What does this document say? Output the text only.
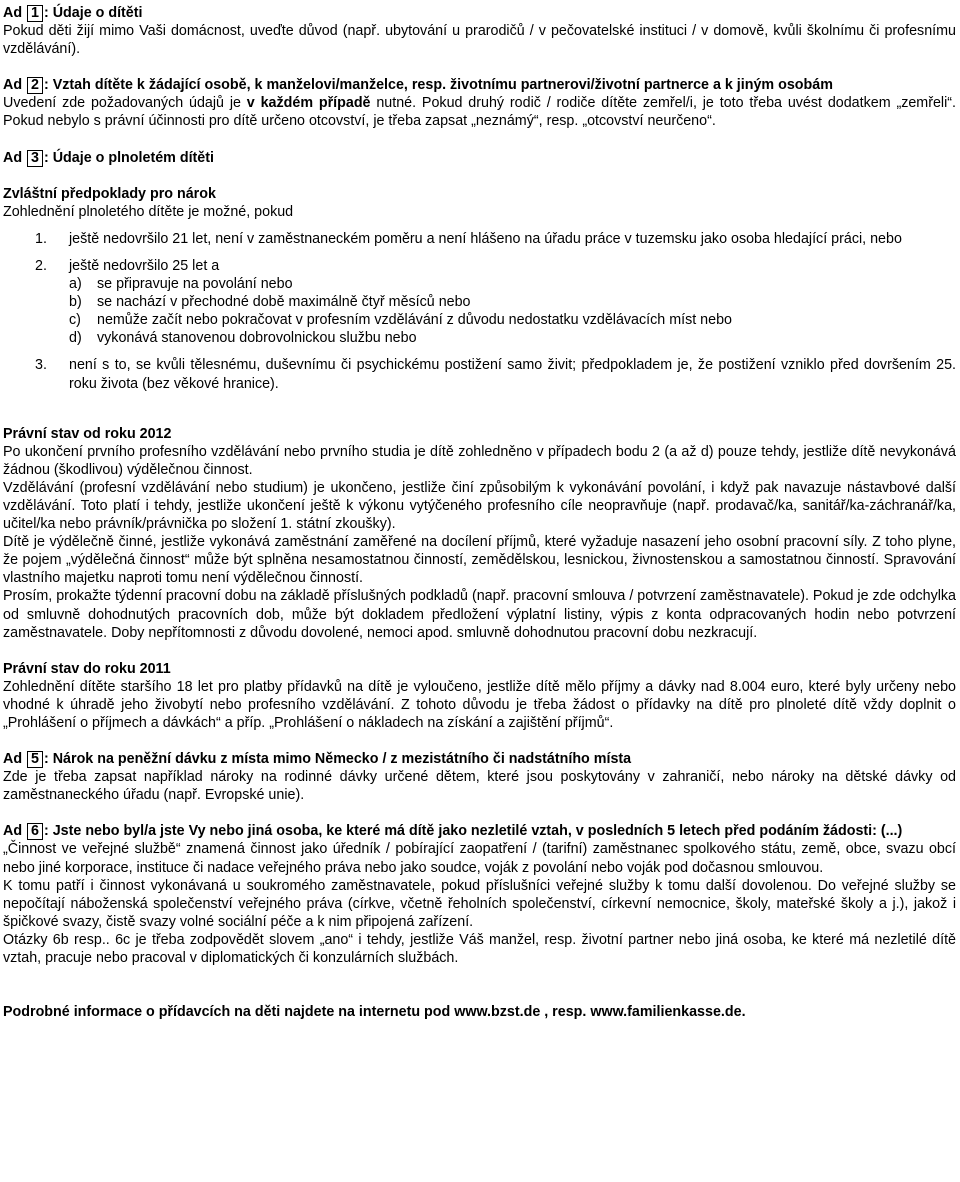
Ad 1 : Údaje o dítěti
Pokud děti žijí mimo Vaši domácnost, uveďte důvod (např. ubytování u prarodičů / v pečovatelské instituci / v domově, kvůli školnímu či profesnímu vzdělávání).
Ad 2 : Vztah dítěte k žádající osobě, k manželovi/manželce, resp. životnímu partnerovi/životní partnerce a k jiným osobám
Uvedení zde požadovaných údajů je v každém případě nutné. Pokud druhý rodič / rodiče dítěte zemřel/i, je toto třeba uvést dodatkem „zemřeli“. Pokud nebylo s právní účinnosti pro dítě určeno otcovství, je třeba zapsat „neznámý“, resp. „otcovství neurčeno“.
Ad 3 : Údaje o plnoletém dítěti
Zvláštní předpoklady pro nárok
Zohlednění plnoletého dítěte je možné, pokud
1.	ještě nedovršilo 21 let, není v zaměstnaneckém poměru a není hlášeno na úřadu práce v tuzemsku jako osoba hledající práci, nebo
2.	ještě nedovršilo 25 let a
a)	se připravuje na povolání nebo
b)	se nachází v přechodné době maximálně čtyř měsíců nebo
c)	nemůže začít nebo pokračovat v profesním vzdělávání z důvodu nedostatku vzdělávacích míst nebo
d)	vykonává stanovenou dobrovolnickou službu nebo
3.	není s to, se kvůli tělesnému, duševnímu či psychickému postižení samo živit; předpokladem je, že postižení vzniklo před dovršením 25. roku života (bez věkové hranice).
Právní stav od roku 2012
Po ukončení prvního profesního vzdělávání nebo prvního studia je dítě zohledněno v případech bodu 2 (a až d) pouze tehdy, jestliže dítě nevykonává žádnou (škodlivou) výdělečnou činnost.
Vzdělávání (profesní vzdělávání nebo studium) je ukončeno, jestliže činí způsobilým k vykonávání povolání, i když pak navazuje nástavbové další vzdělávání. Toto platí i tehdy, jestliže ukončení ještě k výkonu vytýčeného profesního cíle neopravňuje (např. prodavač/ka, sanitář/ka-záchranář/ka, učitel/ka nebo právník/právnička po složení 1. státní zkoušky).
Dítě je výdělečně činné, jestliže vykonává zaměstnání zaměřené na docílení příjmů, které vyžaduje nasazení jeho osobní pracovní síly. Z toho plyne, že pojem „výdělečná činnost“ může být splněna nesamostatnou činností, zemědělskou, lesnickou, živnostenskou a samostatnou činností. Spravování vlastního majetku naproti tomu není výdělečnou činností.
Prosím, prokažte týdenní pracovní dobu na základě příslušných podkladů (např. pracovní smlouva / potvrzení zaměstnavatele). Pokud je zde odchylka od smluvně dohodnutých pracovních dob, může být dokladem předložení výplatní listiny, výpis z konta odpracovaných hodin nebo potvrzení zaměstnavatele. Doby nepřítomnosti z důvodu dovolené, nemoci apod. smluvně dohodnutou pracovní dobu nezkracují.
Právní stav do roku 2011
Zohlednění dítěte staršího 18 let pro platby přídavků na dítě je vyloučeno, jestliže dítě mělo příjmy a dávky nad 8.004 euro, které byly určeny nebo vhodné k úhradě jeho živobytí nebo profesního vzdělávání. Z tohoto důvodu je třeba žádost o přídavky na dítě pro plnoleté dítě vždy doplnit o „Prohlášení o příjmech a dávkách“ a příp. „Prohlášení o nákladech na získání a zajištění příjmů“.
Ad 5 : Nárok na peněžní dávku z místa mimo Německo / z mezistátního či nadstátního místa
Zde je třeba zapsat například nároky na rodinné dávky určené dětem, které jsou poskytovány v zahraničí, nebo nároky na dětské dávky od zaměstnaneckého úřadu (např. Evropské unie).
Ad 6 : Jste nebo byl/a jste Vy nebo jiná osoba, ke které má dítě jako nezletilé vztah, v posledních 5 letech před podáním žádosti: (...)
„Činnost ve veřejné službě“ znamená činnost jako úředník / pobírající zaopatření / (tarifní) zaměstnanec spolkového státu, země, obce, svazu obcí nebo jiné korporace, instituce či nadace veřejného práva nebo jako soudce, voják z povolání nebo voják pod dočasnou smlouvou.
K tomu patří i činnost vykonávaná u soukromého zaměstnavatele, pokud příslušníci veřejné služby k tomu další dovolenou. Do veřejné služby se nepočítají náboženská společenství veřejného práva (církve, včetně řeholních společenství, církevní nemocnice, školy, mateřské školy a j.), jakož i špičkové svazy, čistě svazy volné sociální péče a k nim připojená zařízení.
Otázky 6b resp.. 6c je třeba zodpovědět slovem „ano“ i tehdy, jestliže Váš manžel, resp. životní partner nebo jiná osoba, ke které má nezletilé dítě vztah, pracuje nebo pracoval v diplomatických či konzulárních službách.
Podrobné informace o přídavcích na děti najdete na internetu pod www.bzst.de , resp. www.familienkasse.de.
